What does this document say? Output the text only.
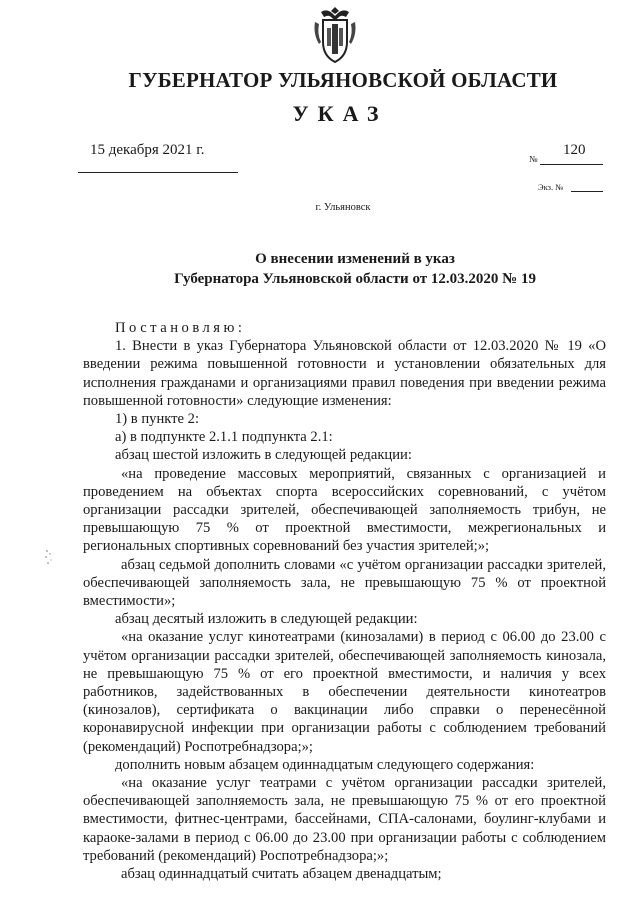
ГУБЕРНАТОР УЛЬЯНОВСКОЙ ОБЛАСТИ
УКАЗ
15 декабря 2021 г.
№
120
Экз. №
г. Ульяновск
О внесении изменений в указ
Губернатора Ульяновской области от 12.03.2020 № 19

Постановляю:

1. Внести в указ Губернатора Ульяновской области от 12.03.2020 № 19 «О введении режима повышенной готовности и установлении обязательных для исполнения гражданами и организациями правил поведения при введении режима повышенной готовности» следующие изменения:

1) в пункте 2:

а) в подпункте 2.1.1 подпункта 2.1:

абзац шестой изложить в следующей редакции:

«на проведение массовых мероприятий, связанных с организацией и проведением на объектах спорта всероссийских соревнований, с учётом организации рассадки зрителей, обеспечивающей заполняемость трибун, не превышающую 75 % от проектной вместимости, межрегиональных и региональных спортивных соревнований без участия зрителей;»;

абзац седьмой дополнить словами «с учётом организации рассадки зрителей, обеспечивающей заполняемость зала, не превышающую 75 % от проектной вместимости»;

абзац десятый изложить в следующей редакции:

«на оказание услуг кинотеатрами (кинозалами) в период с 06.00 до 23.00 с учётом организации рассадки зрителей, обеспечивающей заполняемость кинозала, не превышающую 75 % от его проектной вместимости, и наличия у всех работников, задействованных в обеспечении деятельности кинотеатров (кинозалов), сертификата о вакцинации либо справки о перенесённой коронавирусной инфекции при организации работы с соблюдением требований (рекомендаций) Роспотребнадзора;»;

дополнить новым абзацем одиннадцатым следующего содержания:

«на оказание услуг театрами с учётом организации рассадки зрителей, обеспечивающей заполняемость зала, не превышающую 75 % от его проектной вместимости, фитнес-центрами, бассейнами, СПА-салонами, боулинг-клубами и караоке-залами в период с 06.00 до 23.00 при организации работы с соблюдением требований (рекомендаций) Роспотребнадзора;»;

абзац одиннадцатый считать абзацем двенадцатым;
